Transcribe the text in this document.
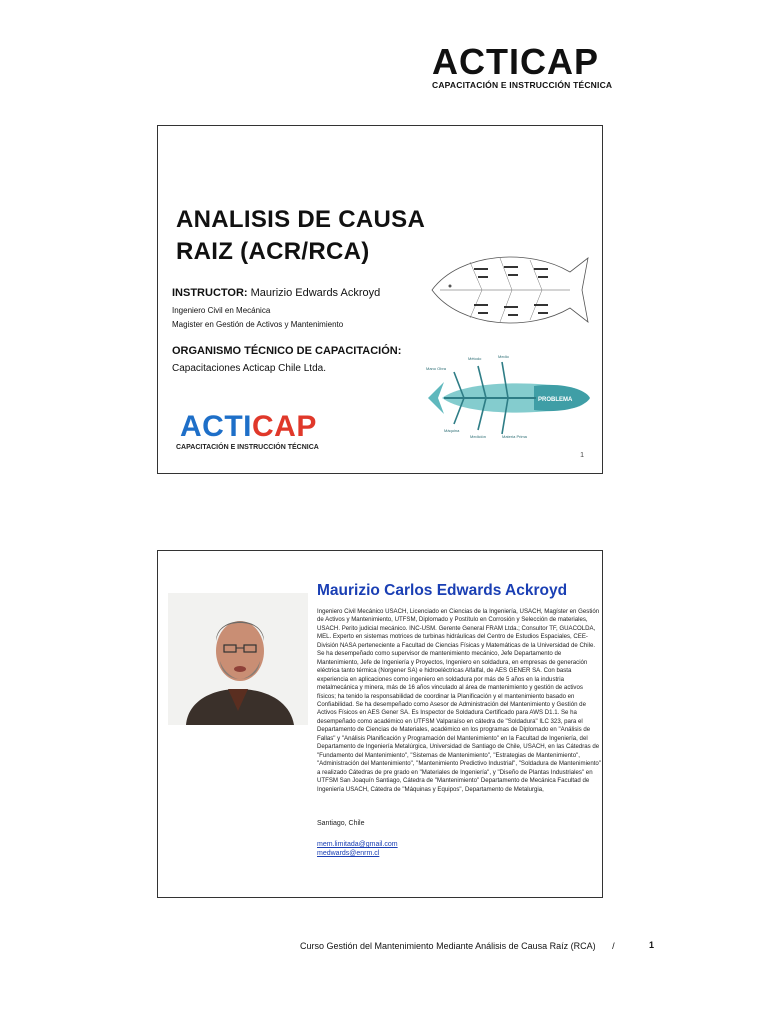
ACTICAP
CAPACITACIÓN E INSTRUCCIÓN TÉCNICA
ANALISIS DE CAUSA
RAIZ (ACR/RCA)
INSTRUCTOR: Maurizio Edwards Ackroyd
Ingeniero Civil en Mecánica
Magister en Gestión de Activos y Mantenimiento
ORGANISMO TÉCNICO DE CAPACITACIÓN:
Capacitaciones Acticap Chile Ltda.
PROBLEMA
Mano Obra
Método	Medio
Máquina
Medición	Materia Prima
ACTICAP
CAPACITACIÓN E INSTRUCCIÓN TÉCNICA
1
Maurizio Carlos Edwards Ackroyd
Ingeniero Civil Mecánico USACH, Licenciado en Ciencias de la Ingeniería, USACH, Magíster en Gestión de Activos y Mantenimiento, UTFSM, Diplomado y Postítulo en Corrosión y Selección de materiales, USACH. Perito judicial mecánico. INC-USM. Gerente General FRAM Ltda.; Consultor TF, GUACOLDA, MEL. Experto en sistemas motrices de turbinas hidráulicas del Centro de Estudios Espaciales, CEE- División NASA perteneciente a Facultad de Ciencias Físicas y Matemáticas de la Universidad de Chile. Se ha desempeñado como supervisor de mantenimiento mecánico, Jefe Departamento de Mantenimiento, Jefe de Ingeniería y Proyectos, Ingeniero en soldadura, en empresas de generación eléctrica tanto térmica (Norgener SA) e hidroeléctricas Alfalfal, de AES GENER SA. Con basta experiencia en aplicaciones como ingeniero en soldadura por más de 5 años en la industria metalmecánica y minera, más de 16 años vinculado al área de mantenimiento y gestión de activos físicos; ha tenido la responsabilidad de coordinar la Planificación y el mantenimiento basado en Confiabilidad. Se ha desempeñado como Asesor de Administración del Mantenimiento y Gestión de Activos Físicos en AES Gener SA. Es Inspector de Soldadura Certificado para AWS D1.1. Se ha desempeñado como académico en UTFSM Valparaíso en cátedra de "Soldadura" ILC 323, para el Departamento de Ciencias de Materiales, académico en los programas de Diplomado en "Análisis de Fallas" y "Análisis Planificación y Programación del Mantenimiento" en la Facultad de Ingeniería, del Departamento de Ingeniería Metalúrgica, Universidad de Santiago de Chile, USACH, en las Cátedras de "Fundamento del Mantenimiento", "Sistemas de Mantenimiento", "Estrategias de Mantenimiento", "Administración del Mantenimiento", "Mantenimiento Predictivo Industrial", "Soldadura de Mantenimiento" a realizado Cátedras de pre grado en "Materiales de Ingeniería", y "Diseño de Plantas Industriales" en UTFSM San Joaquín Santiago, Cátedra de "Mantenimiento" Departamento de Mecánica Facultad de Ingeniería USACH, Cátedra de "Máquinas y Equipos", Departamento de Metalurgia,
Santiago, Chile
mem.limitada@gmail.com
medwards@enrm.cl
Curso Gestión del Mantenimiento Mediante Análisis de Causa Raíz (RCA) /	1
